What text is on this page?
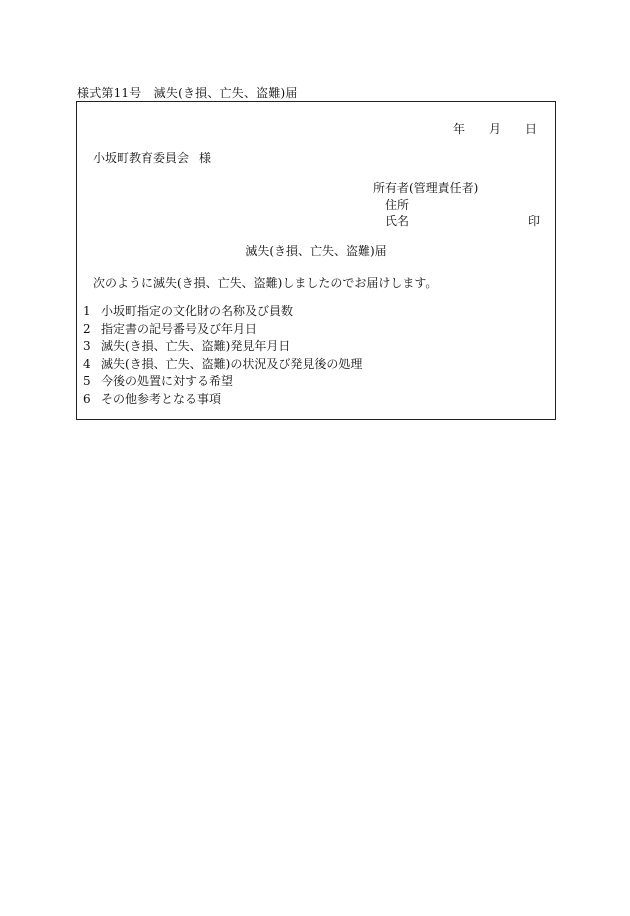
様式第11号　滅失(き損、亡失、盗難)届
年 月 日
小坂町教育委員会 様
所有者(管理責任者)
住所
氏名	印
滅失(き損、亡失、盗難)届
次のように滅失(き損、亡失、盗難)しましたのでお届けします。
1 小坂町指定の文化財の名称及び員数
2 指定書の記号番号及び年月日
3 滅失(き損、亡失、盗難)発見年月日
4 滅失(き損、亡失、盗難)の状況及び発見後の処理
5 今後の処置に対する希望
6 その他参考となる事項
